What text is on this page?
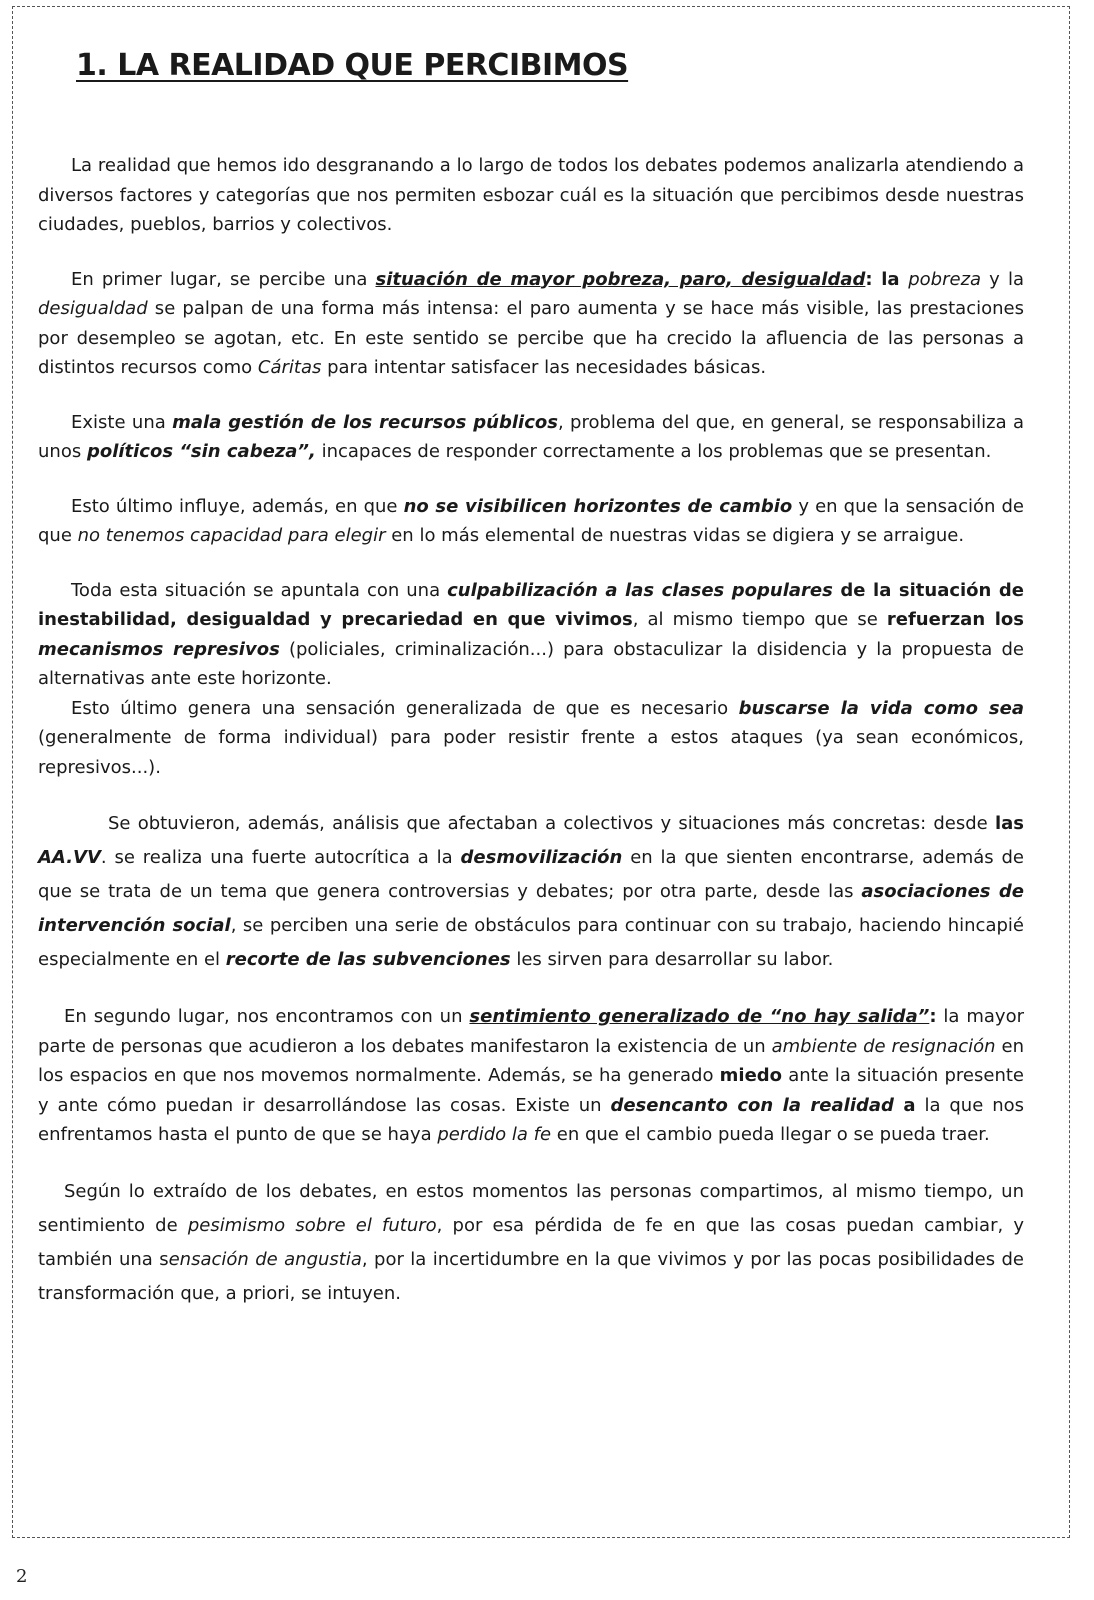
1. LA REALIDAD QUE PERCIBIMOS

La realidad que hemos ido desgranando a lo largo de todos los debates podemos analizarla atendiendo a diversos factores y categorías que nos permiten esbozar cuál es la situación que percibimos desde nuestras ciudades, pueblos, barrios y colectivos.

En primer lugar, se percibe una situación de mayor pobreza, paro, desigualdad: la pobreza y la desigualdad se palpan de una forma más intensa: el paro aumenta y se hace más visible, las prestaciones por desempleo se agotan, etc. En este sentido se percibe que ha crecido la afluencia de las personas a distintos recursos como Cáritas para intentar satisfacer las necesidades básicas.

Existe una mala gestión de los recursos públicos, problema del que, en general, se responsabiliza a unos políticos “sin cabeza”, incapaces de responder correctamente a los problemas que se presentan.

Esto último influye, además, en que no se visibilicen horizontes de cambio y en que la sensación de que no tenemos capacidad para elegir en lo más elemental de nuestras vidas se digiera y se arraigue.

Toda esta situación se apuntala con una culpabilización a las clases populares de la situación de inestabilidad, desigualdad y precariedad en que vivimos, al mismo tiempo que se refuerzan los mecanismos represivos (policiales, criminalización...) para obstaculizar la disidencia y la propuesta de alternativas ante este horizonte.

Esto último genera una sensación generalizada de que es necesario buscarse la vida como sea (generalmente de forma individual) para poder resistir frente a estos ataques (ya sean económicos, represivos...).

Se obtuvieron, además, análisis que afectaban a colectivos y situaciones más concretas: desde las AA.VV. se realiza una fuerte autocrítica a la desmovilización en la que sienten encontrarse, además de que se trata de un tema que genera controversias y debates; por otra parte, desde las asociaciones de intervención social, se perciben una serie de obstáculos para continuar con su trabajo, haciendo hincapié especialmente en el recorte de las subvenciones les sirven para desarrollar su labor.

En segundo lugar, nos encontramos con un sentimiento generalizado de “no hay salida”: la mayor parte de personas que acudieron a los debates manifestaron la existencia de un ambiente de resignación en los espacios en que nos movemos normalmente. Además, se ha generado miedo ante la situación presente y ante cómo puedan ir desarrollándose las cosas. Existe un desencanto con la realidad a la que nos enfrentamos hasta el punto de que se haya perdido la fe en que el cambio pueda llegar o se pueda traer.

Según lo extraído de los debates, en estos momentos las personas compartimos, al mismo tiempo, un sentimiento de pesimismo sobre el futuro, por esa pérdida de fe en que las cosas puedan cambiar, y también una sensación de angustia, por la incertidumbre en la que vivimos y por las pocas posibilidades de transformación que, a priori, se intuyen.

2
